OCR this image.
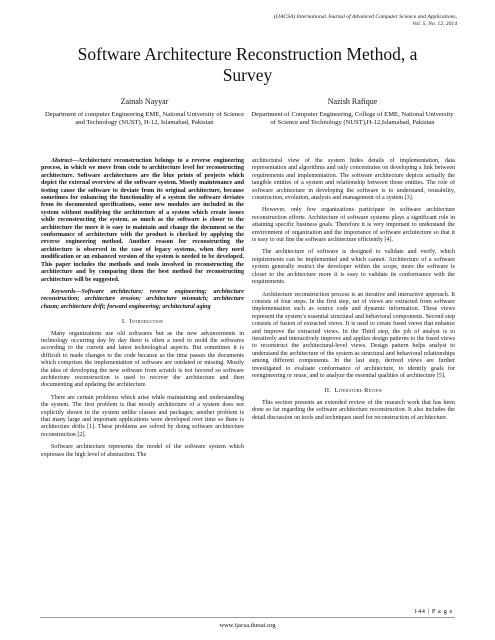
(IJACSA) International Journal of Advanced Computer Science and Applications,
Vol. 5, No. 12, 2014
Software Architecture Reconstruction Method, a
Survey
Zainab Nayyar
Department of computer Engineering EME, National University of Science and Technology (NUST), H-12, Islamabad, Pakistan
Nazish Rafique
Department of Computer Engineering, College of EME, National University of Science and Technology (NUST),H-12,Islamabad, Pakistan

Abstract—Architecture reconstruction belongs to a reverse engineering process, in which we move from code to architecture level for reconstructing architecture. Software architectures are the blue prints of projects which depict the external overview of the software system. Mostly maintenance and testing cause the software to deviate from its original architecture, because sometimes for enhancing the functionality of a system the software deviates from its documented specifications, some new modules are included in the system without modifying the architecture of a system which create issues while reconstructing the system, as much as the software is closer to the architecture the more it is easy to maintain and change the document so the conformance of architecture with the product is checked by applying the reverse engineering method. Another reason for reconstructing the architecture is observed in the case of legacy systems, when they need modification or an enhanced version of the system is needed to be developed. This paper includes the methods and tools involved in reconstructing the architecture and by comparing them the best method for reconstructing architecture will be suggested.

Keywords—Software architecture; reverse engineering; architecture reconstruction; architecture erosion; architecture mismatch; architecture chasm; architecture drift; forward engineering; architectural aging

I. Introduction

Many organizations use old softwares but as the new advancements in technology occurring day by day there is often a need to mold the softwares according to the current and latest technological aspects. But sometimes it is difficult to made changes to the code because as the time passes the documents which comprises the implementation of software are outdated or missing. Mostly the idea of developing the new software from scratch is not favored so software architecture reconstruction is used to recover the architecture and then documenting and updating the architecture.

There are certain problems which arise while maintaining and understanding the system. The first problem is that mostly architecture of a system does not explicitly shown in the system unlike classes and packages; another problem is that many large and important applications were developed over time so there is architecture drifts [1]. These problems are solved by doing software architecture reconstruction [2].

Software architecture represents the model of the software system which expresses the high level of abstraction. The

architectural view of the system hides details of implementation, data representation and algorithms and only concentrates on developing a link between requirements and implementation. The software architecture depicts actually the tangible entities of a system and relationship between those entities. The role of software architecture in developing the software is to understand, reusability, construction, evolution, analysis and management of a system [3].

However, only few organizations participate in software architecture reconstruction efforts. Architecture of software systems plays a significant role in attaining specific business goals. Therefore it is very important to understand the environment of organization and the importance of software architecture so that it is easy to out line the software architecture efficiently [4].

The architecture of software is designed to validate and verify, which requirements can be implemented and which cannot. Architecture of a software system generally restrict the developer within the scope, more the software is closer to the architecture more it is easy to validate its conformance with the requirements.

Architecture reconstruction process is an iterative and interactive approach. It consists of four steps. In the first step, set of views are extracted from software implementation such as source code and dynamic information. These views represent the system’s essential structural and behavioral components. Second step consists of fusion of extracted views. It is used to create fused views that enhance and improve the extracted views. In the Third step, the job of analyst is to iteratively and interactively improve and applies design patterns to the fused views to reconstruct the architectural-level views. Design pattern helps analyst to understand the architecture of the system as structural and behavioral relationships among different components. In the last step, derived views are further investigated to evaluate conformance of architecture, to identify goals for reengineering or reuse, and to analyze the essential qualities of architecture [5].

II. Literature Review

This section presents an extended review of the research work that has been done so far regarding the software architecture reconstruction. It also includes the detail discussion on tools and techniques used for reconstruction of architecture.

144 | P a g e
www.ijacsa.thesai.org
